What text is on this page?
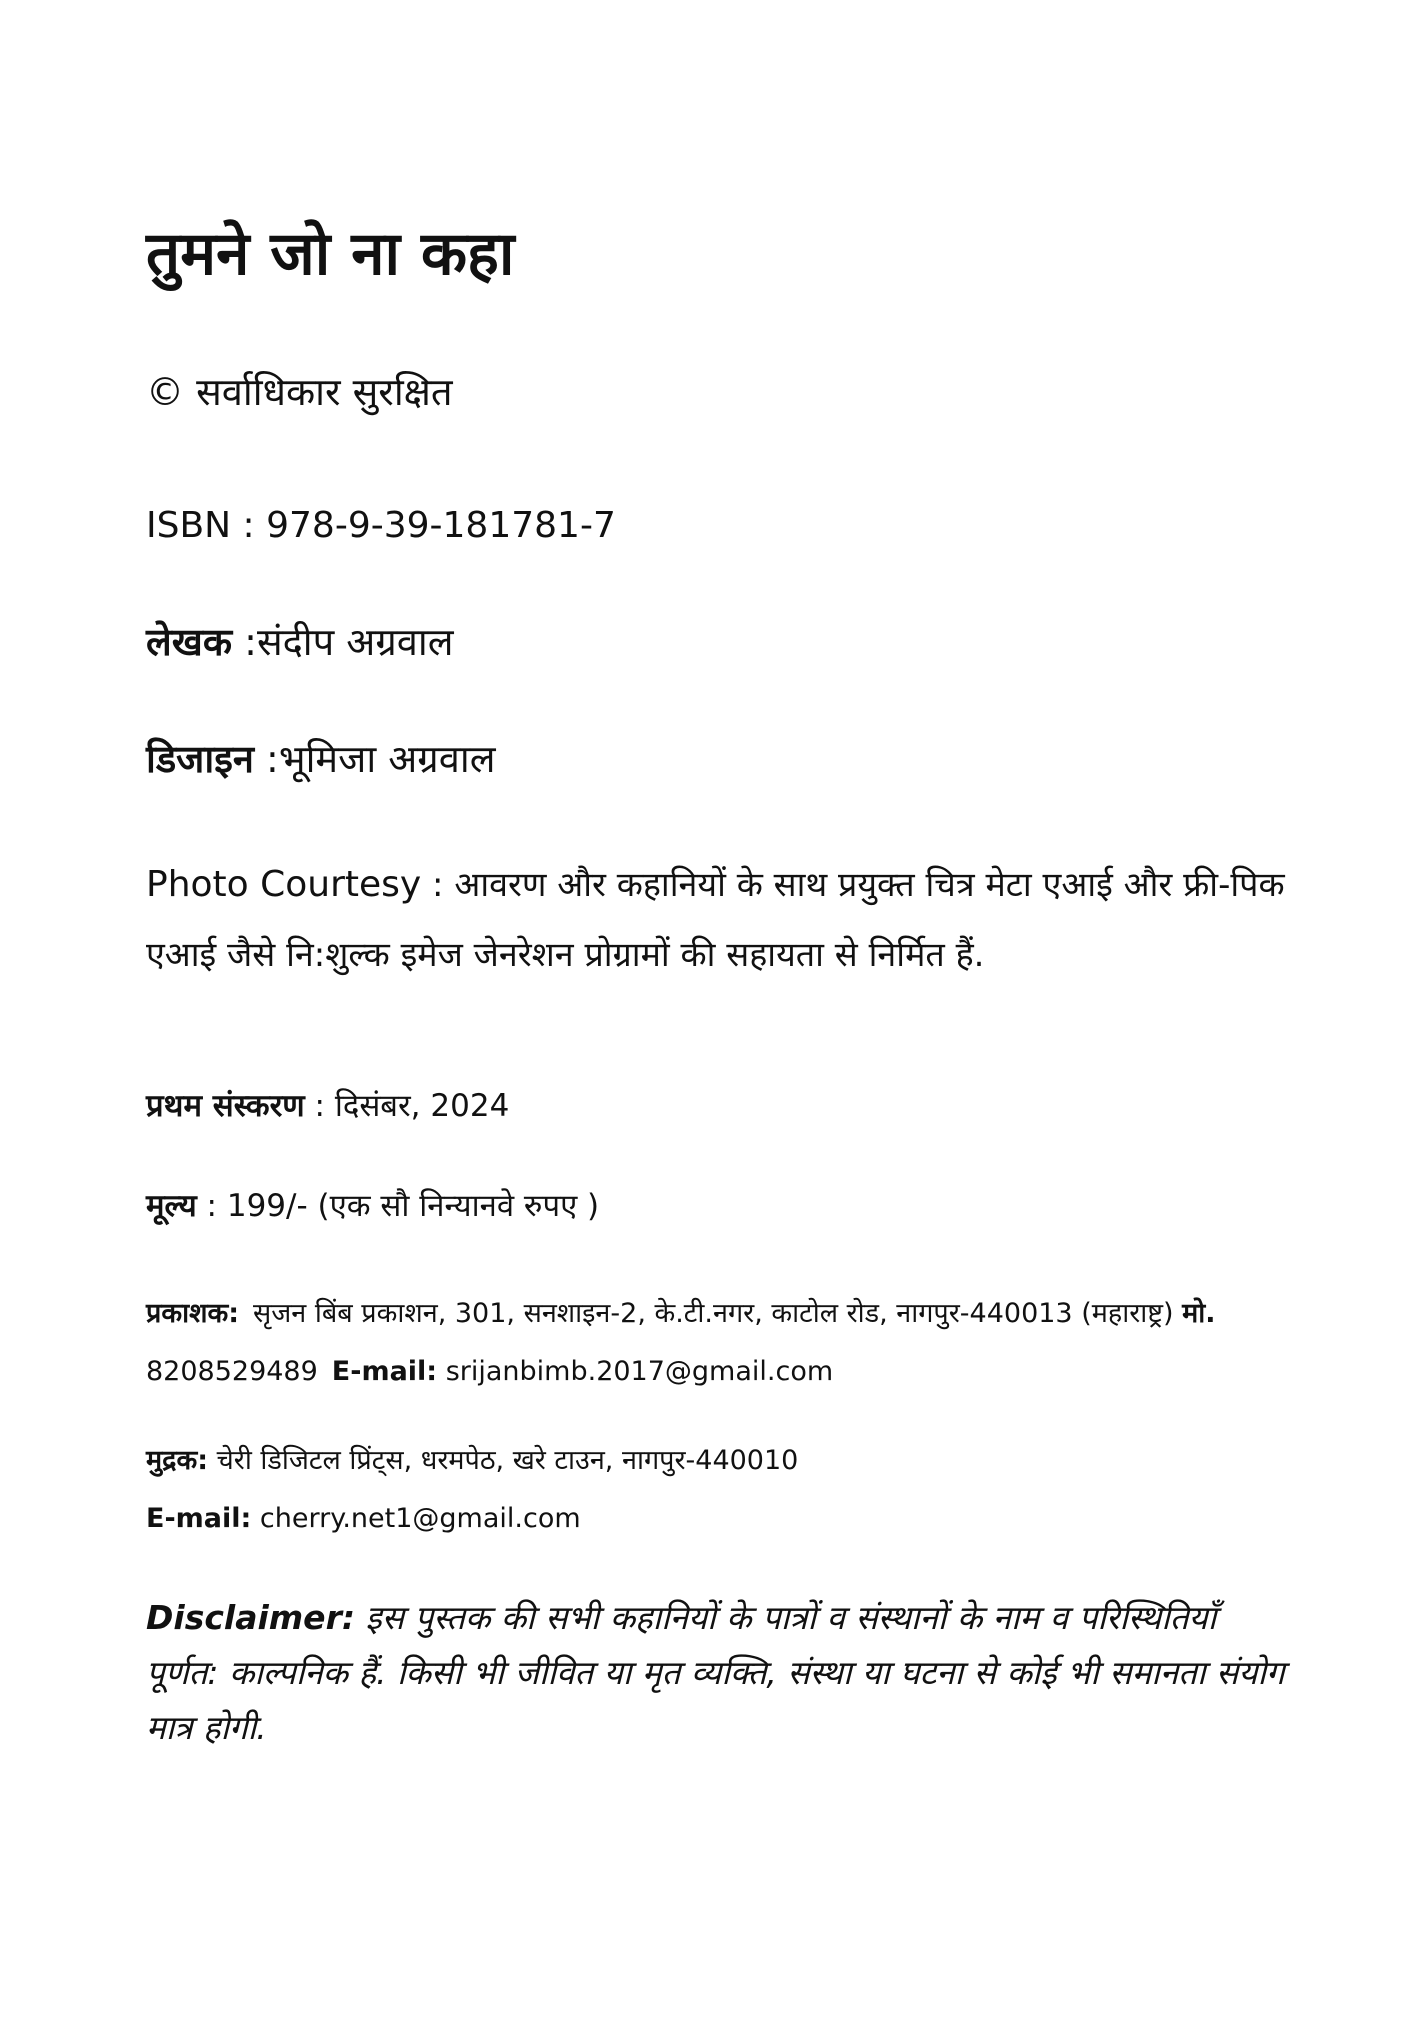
तुमने जो ना कहा

© सर्वाधिकार सुरक्षित

ISBN : 978-9-39-181781-7

लेखक :संदीप अग्रवाल

डिजाइन :भूमिजा अग्रवाल

Photo Courtesy : आवरण और कहानियों के साथ प्रयुक्त चित्र मेटा एआई और फ्री-पिक एआई जैसे नि:शुल्क इमेज जेनरेशन प्रोग्रामों की सहायता से निर्मित हैं.

प्रथम संस्करण : दिसंबर, 2024

मूल्य : 199/- (एक सौ निन्यानवे रुपए )

प्रकाशक: सृजन बिंब प्रकाशन, 301, सनशाइन-2, के.टी.नगर, काटोल रोड, नागपुर-440013 (महाराष्ट्र) मो. 8208529489 E-mail: srijanbimb.2017@gmail.com

मुद्रक: चेरी डिजिटल प्रिंट्स, धरमपेठ, खरे टाउन, नागपुर-440010
E-mail: cherry.net1@gmail.com

Disclaimer: इस पुस्तक की सभी कहानियों के पात्रों व संस्थानों के नाम व परिस्थितियाँ पूर्णत: काल्पनिक हैं. किसी भी जीवित या मृत व्यक्ति, संस्था या घटना से कोई भी समानता संयोग मात्र होगी.
